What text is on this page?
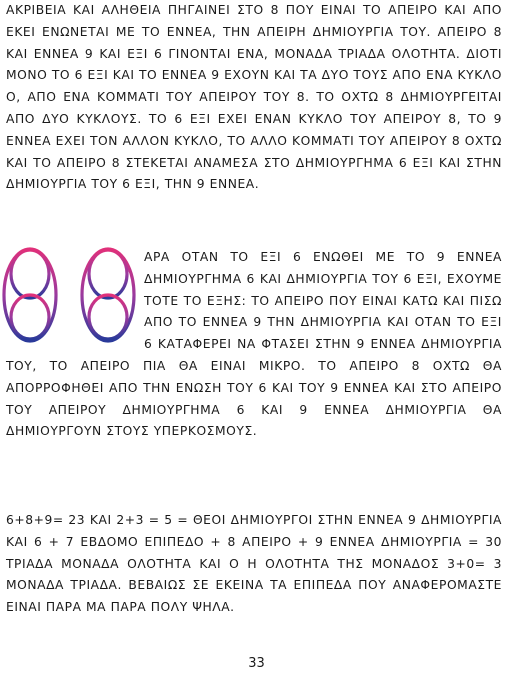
ΑΚΡΙΒΕΙΑ ΚΑΙ ΑΛΗΘΕΙΑ ΠΗΓΑΙΝΕΙ ΣΤΟ 8 ΠΟΥ ΕΙΝΑΙ ΤΟ ΑΠΕΙΡΟ ΚΑΙ ΑΠΟ ΕΚΕΙ ΕΝΩΝΕΤΑΙ ΜΕ ΤΟ ΕΝΝΕΑ, ΤΗΝ ΑΠΕΙΡΗ ΔΗΜΙΟΥΡΓΙΑ ΤΟΥ. ΑΠΕΙΡΟ 8 ΚΑΙ ΕΝΝΕΑ 9 ΚΑΙ ΕΞΙ 6 ΓΙΝΟΝΤΑΙ ΕΝΑ, ΜΟΝΑΔΑ ΤΡΙΑΔΑ ΟΛΟΤΗΤΑ. ΔΙΟΤΙ ΜΟΝΟ ΤΟ 6 ΕΞΙ ΚΑΙ ΤΟ ΕΝΝΕΑ 9 ΕΧΟΥΝ ΚΑΙ ΤΑ ΔΥΟ ΤΟΥΣ ΑΠΟ ΕΝΑ ΚΥΚΛΟ Ο, ΑΠΟ ΕΝΑ ΚΟΜΜΑΤΙ ΤΟΥ ΑΠΕΙΡΟΥ ΤΟΥ 8. ΤΟ ΟΧΤΩ 8 ΔΗΜΙΟΥΡΓΕΙΤΑΙ ΑΠΟ ΔΥΟ ΚΥΚΛΟΥΣ. ΤΟ 6 ΕΞΙ ΕΧΕΙ ΕΝΑΝ ΚΥΚΛΟ ΤΟΥ ΑΠΕΙΡΟΥ 8, ΤΟ 9 ΕΝΝΕΑ ΕΧΕΙ ΤΟΝ ΑΛΛΟΝ ΚΥΚΛΟ, ΤΟ ΑΛΛΟ ΚΟΜΜΑΤΙ ΤΟΥ ΑΠΕΙΡΟΥ 8 ΟΧΤΩ ΚΑΙ ΤΟ ΑΠΕΙΡΟ 8 ΣΤΕΚΕΤΑΙ ΑΝΑΜΕΣΑ ΣΤΟ ΔΗΜΙΟΥΡΓΗΜΑ 6 ΕΞΙ ΚΑΙ ΣΤΗΝ ΔΗΜΙΟΥΡΓΙΑ ΤΟΥ 6 ΕΞΙ, ΤΗΝ 9 ΕΝΝΕΑ.
ΑΡΑ ΟΤΑΝ ΤΟ ΕΞΙ 6 ΕΝΩΘΕΙ ΜΕ ΤΟ 9 ΕΝΝΕΑ ΔΗΜΙΟΥΡΓΗΜΑ 6 ΚΑΙ ΔΗΜΙΟΥΡΓΙΑ ΤΟΥ 6 ΕΞΙ, ΕΧΟΥΜΕ ΤΟΤΕ ΤΟ ΕΞΗΣ: ΤΟ ΑΠΕΙΡΟ ΠΟΥ ΕΙΝΑΙ ΚΑΤΩ ΚΑΙ ΠΙΣΩ ΑΠΟ ΤΟ ΕΝΝΕΑ 9 ΤΗΝ ΔΗΜΙΟΥΡΓΙΑ ΚΑΙ ΟΤΑΝ ΤΟ ΕΞΙ 6 ΚΑΤΑΦΕΡΕΙ ΝΑ ΦΤΑΣΕΙ ΣΤΗΝ 9 ΕΝΝΕΑ ΔΗΜΙΟΥΡΓΙΑ ΤΟΥ, ΤΟ ΑΠΕΙΡΟ ΠΙΑ ΘΑ ΕΙΝΑΙ ΜΙΚΡΟ. ΤΟ ΑΠΕΙΡΟ 8 ΟΧΤΩ ΘΑ ΑΠΟΡΡΟΦΗΘΕΙ ΑΠΟ ΤΗΝ ΕΝΩΣΗ ΤΟΥ 6 ΚΑΙ ΤΟΥ 9 ΕΝΝΕΑ ΚΑΙ ΣΤΟ ΑΠΕΙΡΟ ΤΟΥ ΑΠΕΙΡΟΥ ΔΗΜΙΟΥΡΓΗΜΑ 6 ΚΑΙ 9 ΕΝΝΕΑ ΔΗΜΙΟΥΡΓΙΑ ΘΑ ΔΗΜΙΟΥΡΓΟΥΝ ΣΤΟΥΣ ΥΠΕΡΚΟΣΜΟΥΣ.
6+8+9= 23 ΚΑΙ 2+3 = 5 = ΘΕΟΙ ΔΗΜΙΟΥΡΓΟΙ ΣΤΗΝ ΕΝΝΕΑ 9 ΔΗΜΙΟΥΡΓΙΑ ΚΑΙ 6 + 7 ΕΒΔΟΜΟ ΕΠΙΠΕΔΟ + 8 ΑΠΕΙΡΟ + 9 ΕΝΝΕΑ ΔΗΜΙΟΥΡΓΙΑ = 30 ΤΡΙΑΔΑ ΜΟΝΑΔΑ ΟΛΟΤΗΤΑ ΚΑΙ Ο Η ΟΛΟΤΗΤΑ ΤΗΣ ΜΟΝΑΔΟΣ 3+0= 3 ΜΟΝΑΔΑ ΤΡΙΑΔΑ. ΒΕΒΑΙΩΣ ΣΕ ΕΚΕΙΝΑ ΤΑ ΕΠΙΠΕΔΑ ΠΟΥ ΑΝΑΦΕΡΟΜΑΣΤΕ ΕΙΝΑΙ ΠΑΡΑ ΜΑ ΠΑΡΑ ΠΟΛΥ ΨΗΛΑ.
33
